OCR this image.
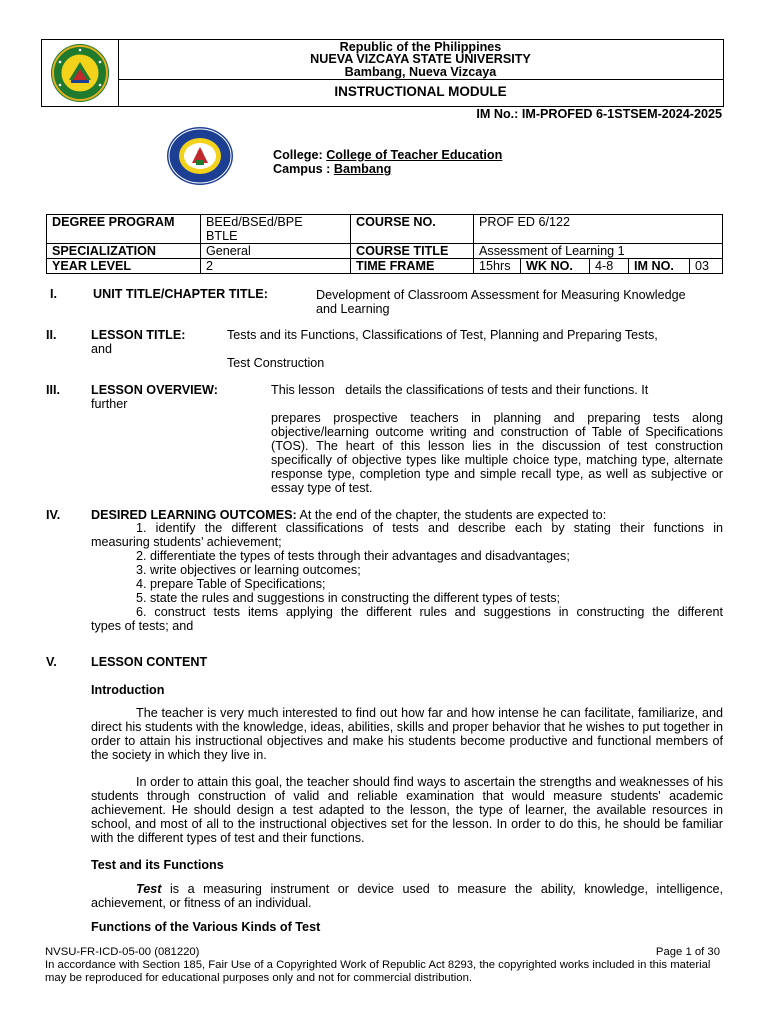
Republic of the Philippines
NUEVA VIZCAYA STATE UNIVERSITY
Bambang, Nueva Vizcaya
INSTRUCTIONAL MODULE
IM No.: IM-PROFED 6-1STSEM-2024-2025
College: College of Teacher Education
Campus : Bambang
DEGREE PROGRAM	BEEd/BSEd/BPE BTLE	COURSE NO.	PROF ED 6/122				
SPECIALIZATION	General	COURSE TITLE	Assessment of Learning 1				
YEAR LEVEL	2	TIME FRAME	15hrs	WK NO.	4-8	IM NO.	03
I.	UNIT TITLE/CHAPTER TITLE:	Development of Classroom Assessment for Measuring Knowledge
and Learning
II.	LESSON TITLE:	Tests and its Functions, Classifications of Test, Planning and Preparing Tests,
and
Test Construction
III. LESSON OVERVIEW:	This lesson   details the classifications of tests and their functions. It
further
prepares prospective teachers in planning and preparing tests along objective/learning outcome writing and construction of Table of Specifications (TOS). The heart of this lesson lies in the discussion of test construction specifically of objective types like multiple choice type, matching type, alternate response type, completion type and simple recall type, as well as subjective or essay type of test.
IV. DESIRED LEARNING OUTCOMES: At the end of the chapter, the students are expected to:
1. identify the different classifications of tests and describe each by stating their functions in
measuring students’ achievement;
2. differentiate the types of tests through their advantages and disadvantages;
3. write objectives or learning outcomes;
4. prepare Table of Specifications;
5. state the rules and suggestions in constructing the different types of tests;
6. construct tests items applying the different rules and suggestions in constructing the different
types of tests; and
V.	LESSON CONTENT
Introduction
The teacher is very much interested to find out how far and how intense he can facilitate, familiarize, and direct his students with the knowledge, ideas, abilities, skills and proper behavior that he wishes to put together in order to attain his instructional objectives and make his students become productive and functional members of the society in which they live in.
In order to attain this goal, the teacher should find ways to ascertain the strengths and weaknesses of his students through construction of valid and reliable examination that would measure students' academic achievement. He should design a test adapted to the lesson, the type of learner, the available resources in school, and most of all to the instructional objectives set for the lesson. In order to do this, he should be familiar with the different types of test and their functions.
Test and its Functions
Test is a measuring instrument or device used to measure the ability, knowledge, intelligence, achievement, or fitness of an individual.
Functions of the Various Kinds of Test
NVSU-FR-ICD-05-00 (081220)	Page 1 of 30
In accordance with Section 185, Fair Use of a Copyrighted Work of Republic Act 8293, the copyrighted works included in this material may be reproduced for educational purposes only and not for commercial distribution.
